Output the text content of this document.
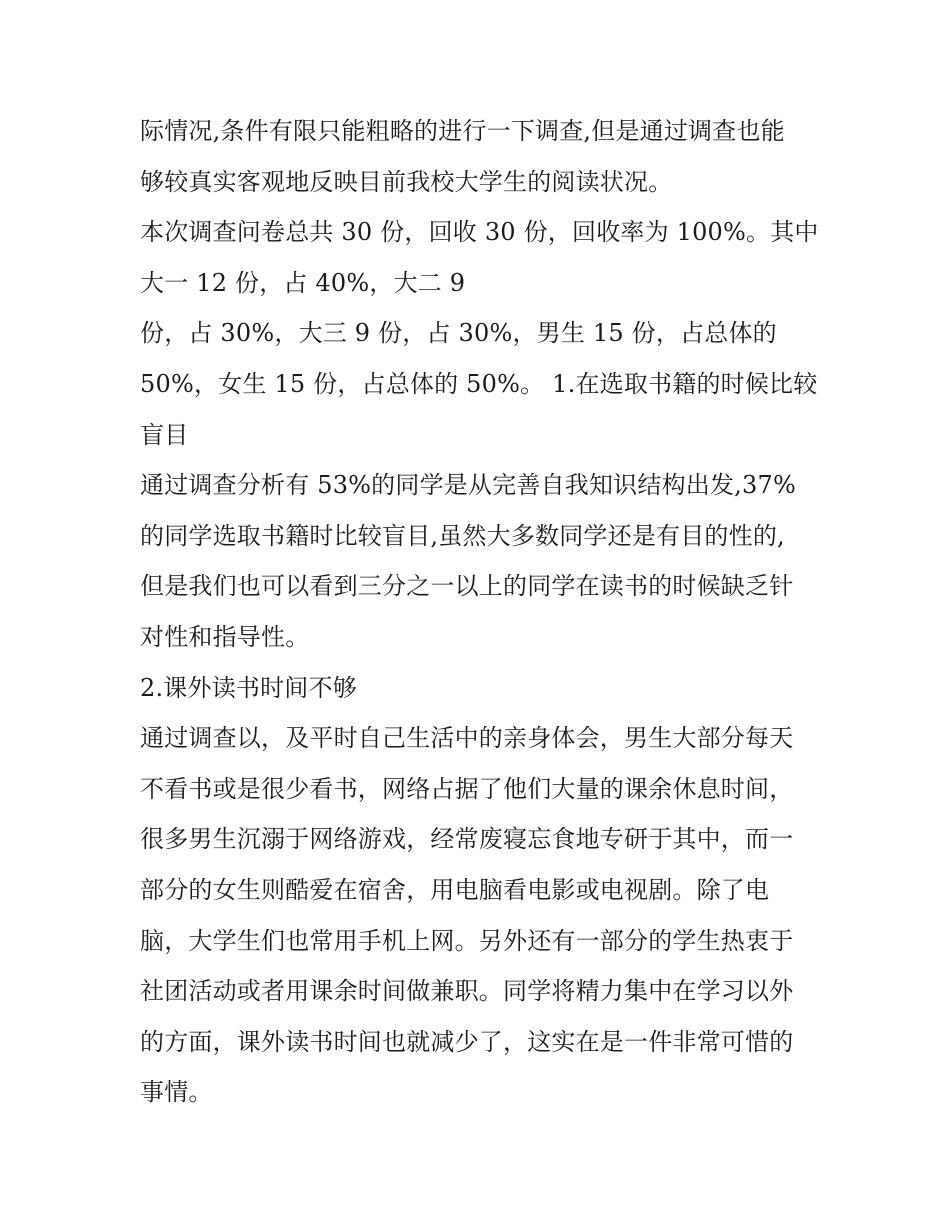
际情况,条件有限只能粗略的进行一下调查,但是通过调查也能
够较真实客观地反映目前我校大学生的阅读状况。
本次调查问卷总共 30 份，回收 30 份，回收率为 100%。其中
大一 12 份，占 40%，大二 9
份，占 30%，大三 9 份，占 30%，男生 15 份，占总体的
50%，女生 15 份，占总体的 50%。 1.在选取书籍的时候比较
盲目
通过调查分析有 53%的同学是从完善自我知识结构出发,37%
的同学选取书籍时比较盲目,虽然大多数同学还是有目的性的,
但是我们也可以看到三分之一以上的同学在读书的时候缺乏针
对性和指导性。
2.课外读书时间不够
通过调查以，及平时自己生活中的亲身体会，男生大部分每天
不看书或是很少看书，网络占据了他们大量的课余休息时间，
很多男生沉溺于网络游戏，经常废寝忘食地专研于其中，而一
部分的女生则酷爱在宿舍，用电脑看电影或电视剧。除了电
脑，大学生们也常用手机上网。另外还有一部分的学生热衷于
社团活动或者用课余时间做兼职。同学将精力集中在学习以外
的方面，课外读书时间也就减少了，这实在是一件非常可惜的
事情。
